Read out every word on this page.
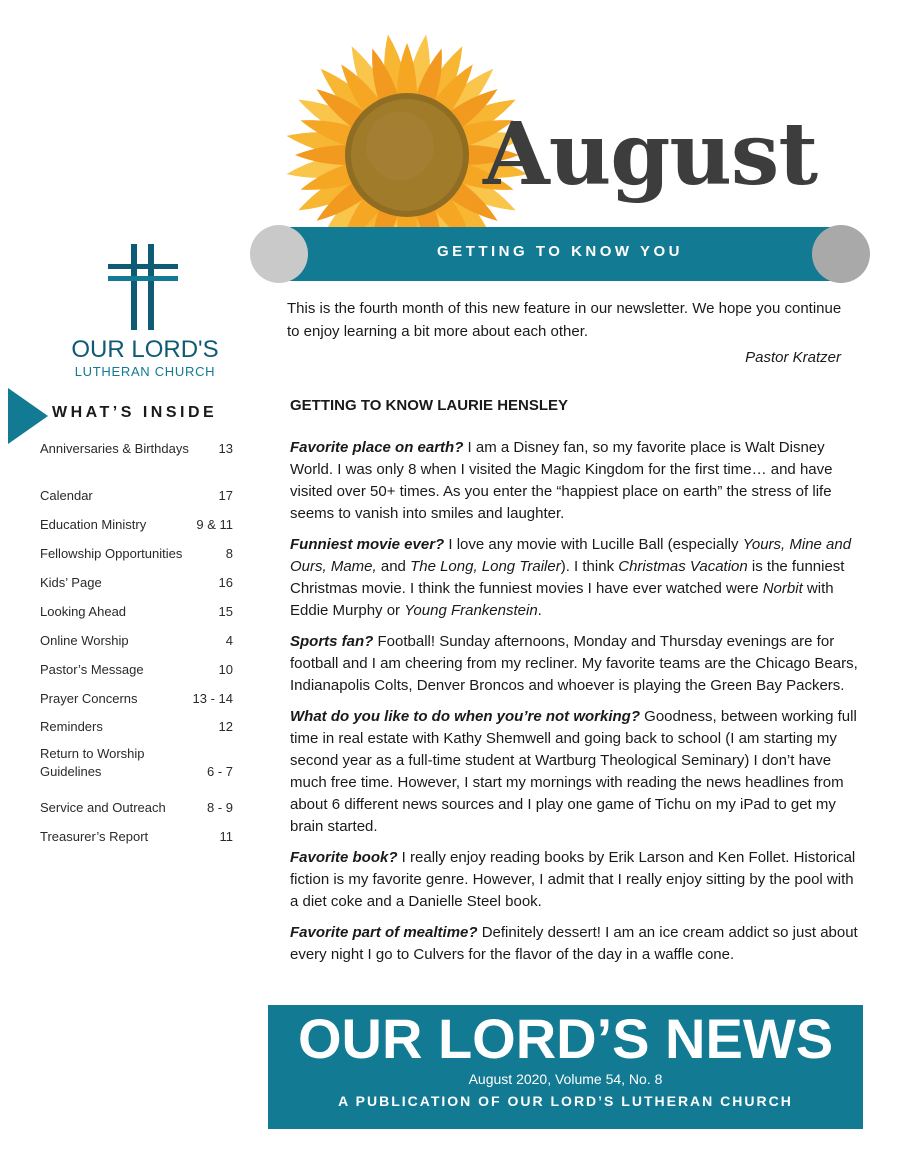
August
GETTING TO KNOW YOU

This is the fourth month of this new feature in our newsletter. We hope you continue to enjoy learning a bit more about each other.

Pastor Kratzer
OUR LORD'S
LUTHERAN CHURCH
WHAT’S INSIDE
Anniversaries & Birthdays	13
Calendar	17
Education Ministry	9 & 11
Fellowship Opportunities	8
Kids’ Page	16
Looking Ahead	15
Online Worship	4
Pastor’s Message	10
Prayer Concerns	13 - 14
Reminders	12
Return to Worship Guidelines	6 - 7
Service and Outreach	8 - 9
Treasurer’s Report	11
GETTING TO KNOW LAURIE HENSLEY

Favorite place on earth? I am a Disney fan, so my favorite place is Walt Disney World. I was only 8 when I visited the Magic Kingdom for the first time… and have visited over 50+ times. As you enter the “happiest place on earth” the stress of life seems to vanish into smiles and laughter.

Funniest movie ever? I love any movie with Lucille Ball (especially Yours, Mine and Ours, Mame, and The Long, Long Trailer). I think Christmas Vacation is the funniest Christmas movie. I think the funniest movies I have ever watched were Norbit with Eddie Murphy or Young Frankenstein.

Sports fan? Football! Sunday afternoons, Monday and Thursday evenings are for football and I am cheering from my recliner. My favorite teams are the Chicago Bears, Indianapolis Colts, Denver Broncos and whoever is playing the Green Bay Packers.

What do you like to do when you’re not working? Goodness, between working full time in real estate with Kathy Shemwell and going back to school (I am starting my second year as a full-time student at Wartburg Theological Seminary) I don’t have much free time. However, I start my mornings with reading the news headlines from about 6 different news sources and I play one game of Tichu on my iPad to get my brain started.

Favorite book? I really enjoy reading books by Erik Larson and Ken Follet. Historical fiction is my favorite genre. However, I admit that I really enjoy sitting by the pool with a diet coke and a Danielle Steel book.

Favorite part of mealtime? Definitely dessert! I am an ice cream addict so just about every night I go to Culvers for the flavor of the day in a waffle cone.

OUR LORD’S NEWS
August 2020, Volume 54, No. 8
A PUBLICATION OF OUR LORD’S LUTHERAN CHURCH
